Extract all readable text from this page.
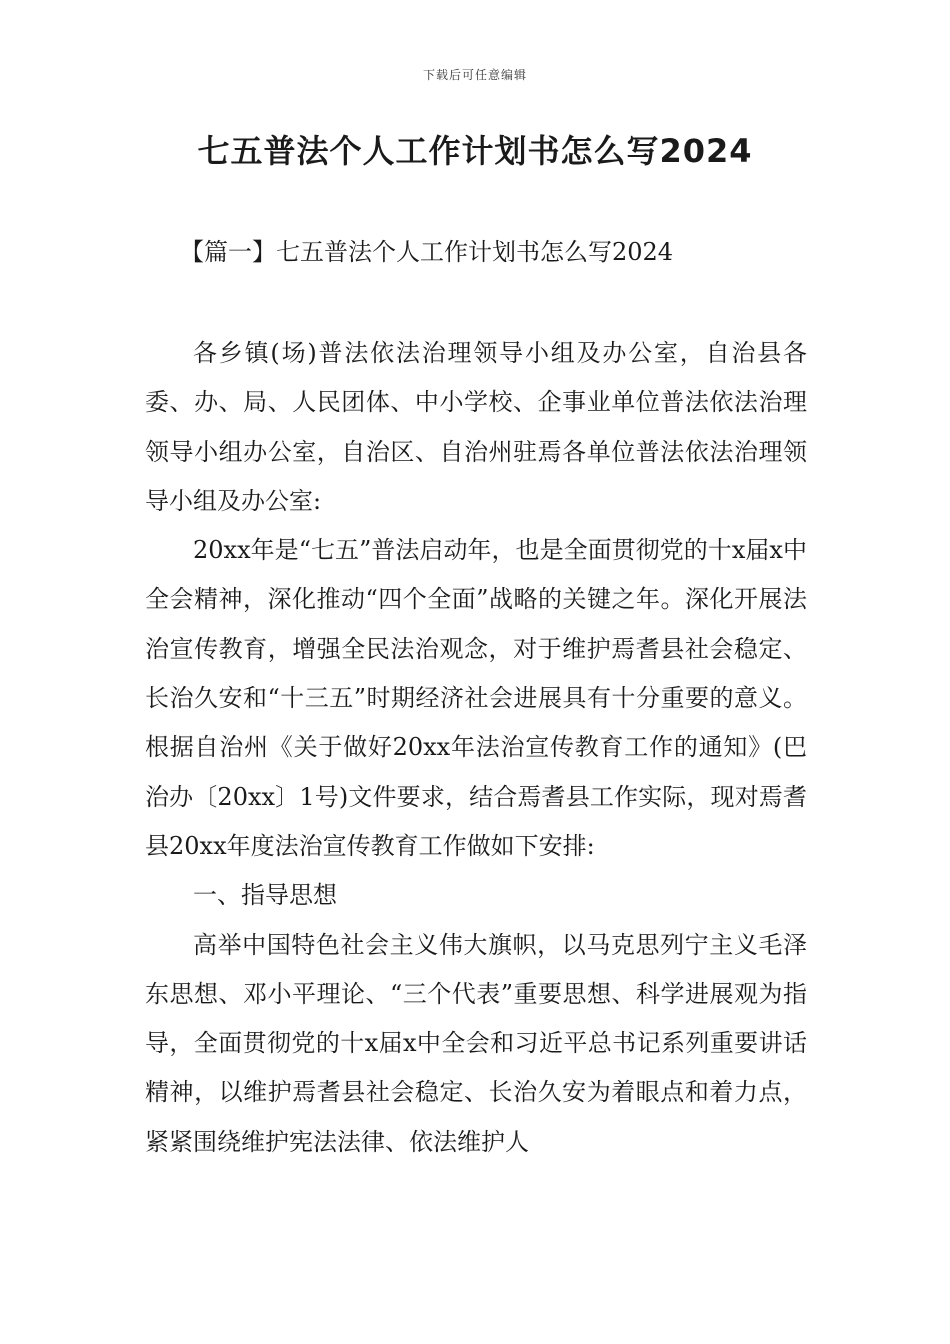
下载后可任意编辑
七五普法个人工作计划书怎么写2024
【篇一】七五普法个人工作计划书怎么写2024

各乡镇(场)普法依法治理领导小组及办公室，自治县各委、办、局、人民团体、中小学校、企事业单位普法依法治理领导小组办公室，自治区、自治州驻焉各单位普法依法治理领导小组及办公室:

20xx年是“七五”普法启动年，也是全面贯彻党的十x届x中全会精神，深化推动“四个全面”战略的关键之年。深化开展法治宣传教育，增强全民法治观念，对于维护焉耆县社会稳定、长治久安和“十三五”时期经济社会进展具有十分重要的意义。根据自治州《关于做好20xx年法治宣传教育工作的通知》(巴治办〔20xx〕1号)文件要求，结合焉耆县工作实际，现对焉耆县20xx年度法治宣传教育工作做如下安排:

一、指导思想

高举中国特色社会主义伟大旗帜，以马克思列宁主义毛泽东思想、邓小平理论、“三个代表”重要思想、科学进展观为指导，全面贯彻党的十x届x中全会和习近平总书记系列重要讲话精神，以维护焉耆县社会稳定、长治久安为着眼点和着力点，紧紧围绕维护宪法法律、依法维护人
